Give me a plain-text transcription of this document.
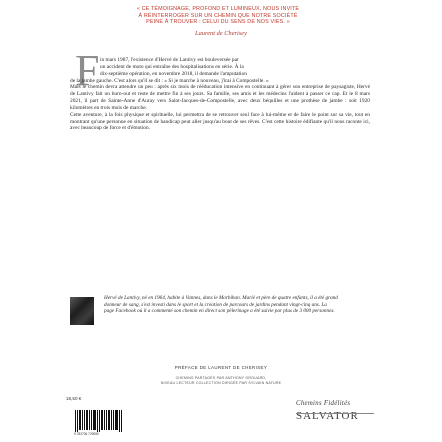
« CE TÉMOIGNAGE, PROFOND ET LUMINEUX, NOUS INVITE
À RÉINTERROGER SUR UN CHEMIN QUE NOTRE SOCIÉTÉ
PEINE À TROUVER : CELUI DU SENS DE NOS VIES. »
Laurent de Cherisey
F in mars 1987, l'existence d'Hervé de Lantivy est bouleversée par

un accident de moto qui entraîne des hospitalisations en série. À la

dix-septième opération, en novembre 2018, il demande l'amputation

de la jambe gauche. C'est alors qu'il se dit : « Si je marche à nouveau, j'irai à Compostelle. »

Mais le chemin devra attendre un peu : après six mois de rééducation intensive en continuant à gérer son entreprise de paysagiste, Hervé de Lantivy fait un burn-out et reste de mettre fin à ses jours. Sa famille, ses amis et les médecins l'aident à passer ce cap. Et le 8 mars 2021, il part de Sainte-Anne d'Auray vers Saint-Jacques-de-Compostelle, avec deux béquilles et une prothèse de jambe : soit 1920 kilomètres en trois mois de marche.

Cette aventure, à la fois physique et spirituelle, lui permettra de se retrouver seul face à lui-même et de faire le point sur sa vie, tout en montrant qu'une personne en situation de handicap peut aller jusqu'au bout de ses rêves. C'est cette histoire édifiante qu'il nous raconte ici, avec beaucoup de force et d'émotion.

Hervé de Lantivy, né en 1964, habite à Vannes, dans le Morbihan. Marié et père de quatre enfants, il a été grand donneur de sang, s'est investi dans le sport et la création de parcours de jardins pendant vingt-cinq ans. La page Facebook où il a commenté son chemin en direct son pèlerinage a été suivie par plus de 3 000 personnes.
PRÉFACE DE LAURENT DE CHERISEY
CHEMINS PARTAGÉS PAR ANTHONY GROUARD,
NIVEAU LECTEUR COLLECTION DIRIGÉE PAR SYLVAIN NATURE
18,50 €
9 782706 729050
Chemins Fidélités
SALVATOR
